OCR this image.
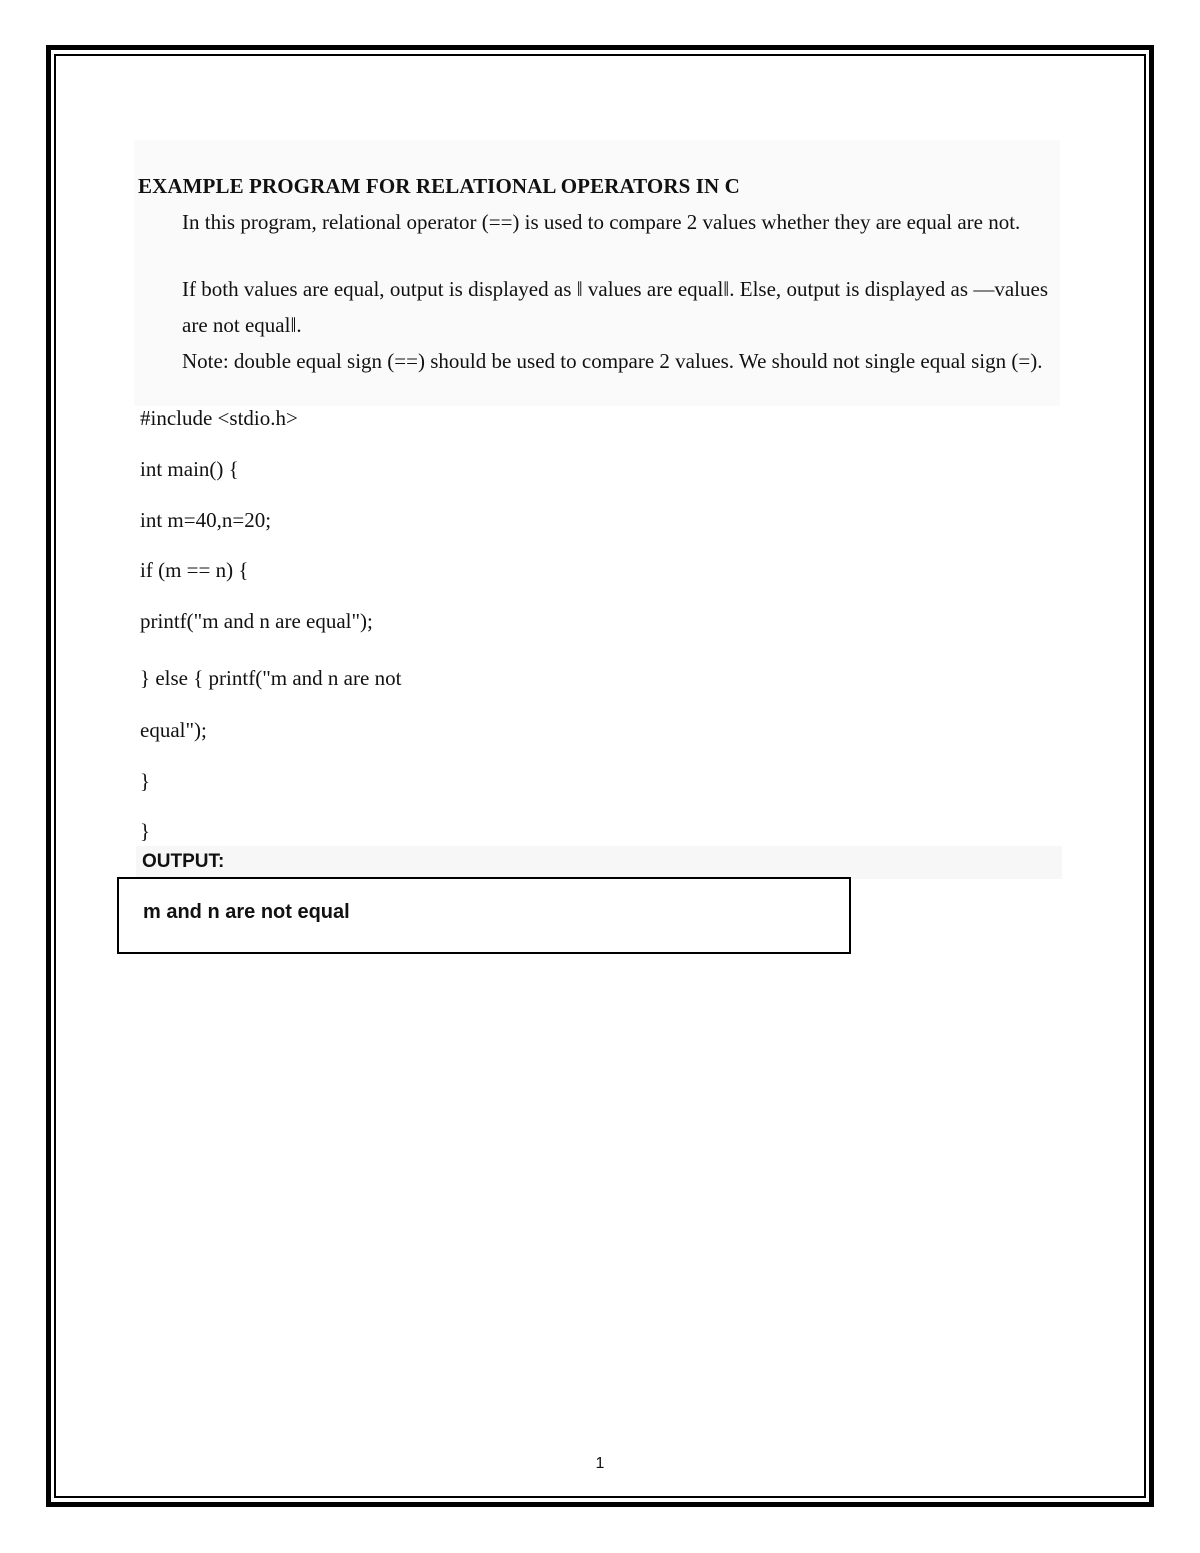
EXAMPLE PROGRAM FOR RELATIONAL OPERATORS IN C
In this program, relational operator (==) is used to compare 2 values whether they are equal are not.
If both values are equal, output is displayed as ‖ values are equal‖. Else, output is displayed as —values are not equal‖.
Note: double equal sign (==) should be used to compare 2 values. We should not single equal sign (=).
#include <stdio.h>
int main() {
int m=40,n=20;
if (m == n) {
printf("m and n are equal");
} else { printf("m and n are not
equal");
}
}
OUTPUT:
m and n are not equal
1
